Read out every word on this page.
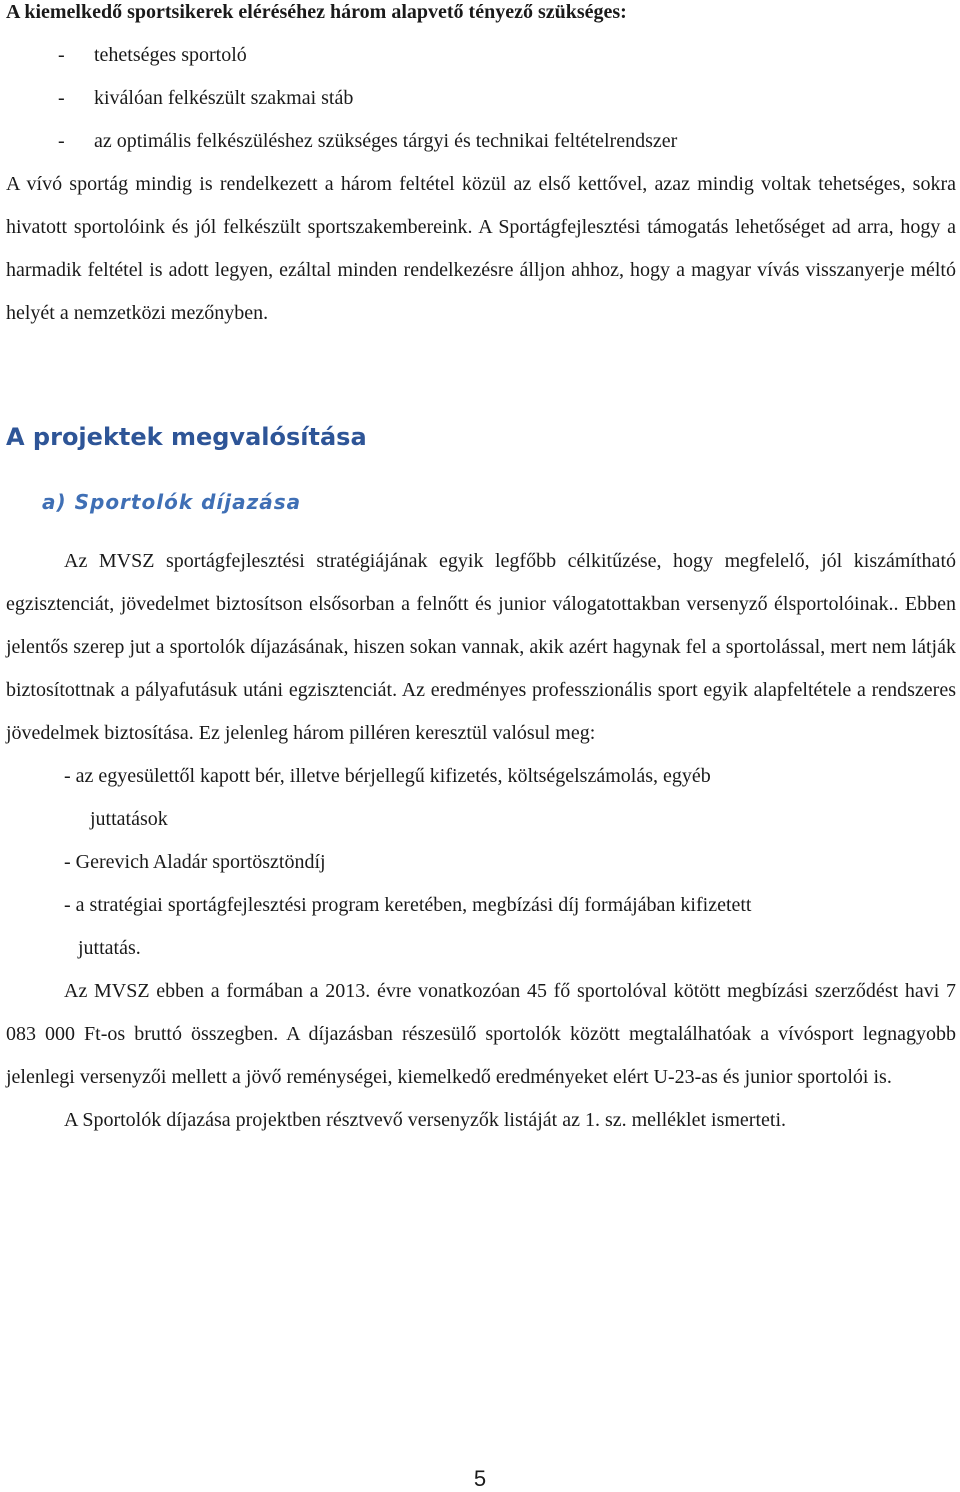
A kiemelkedő sportsikerek eléréséhez három alapvető tényező szükséges:

- tehetséges sportoló
- kiválóan felkészült szakmai stáb
- az optimális felkészüléshez szükséges tárgyi és technikai feltételrendszer

A vívó sportág mindig is rendelkezett a három feltétel közül az első kettővel, azaz mindig voltak tehetséges, sokra hivatott sportolóink és jól felkészült sportszakembereink. A Sportágfejlesztési támogatás lehetőséget ad arra, hogy a harmadik feltétel is adott legyen, ezáltal minden rendelkezésre álljon ahhoz, hogy a magyar vívás visszanyerje méltó helyét a nemzetközi mezőnyben.

A projektek megvalósítása
a) Sportolók díjazása

Az MVSZ sportágfejlesztési stratégiájának egyik legfőbb célkitűzése, hogy megfelelő, jól kiszámítható egzisztenciát, jövedelmet biztosítson elsősorban a felnőtt és junior válogatottakban versenyző élsportolóinak.. Ebben jelentős szerep jut a sportolók díjazásának, hiszen sokan vannak, akik azért hagynak fel a sportolással, mert nem látják biztosítottnak a pályafutásuk utáni egzisztenciát. Az eredményes professzionális sport egyik alapfeltétele a rendszeres jövedelmek biztosítása. Ez jelenleg három pilléren keresztül valósul meg:

- az egyesülettől kapott bér, illetve bérjellegű kifizetés, költségelszámolás, egyéb
juttatások
- Gerevich Aladár sportösztöndíj
- a stratégiai sportágfejlesztési program keretében, megbízási díj formájában kifizetett
juttatás.

Az MVSZ ebben a formában a 2013. évre vonatkozóan 45 fő sportolóval kötött megbízási szerződést havi 7 083 000 Ft-os bruttó összegben. A díjazásban részesülő sportolók között megtalálhatóak a vívósport legnagyobb jelenlegi versenyzői mellett a jövő reménységei, kiemelkedő eredményeket elért U-23-as és junior sportolói is.

A Sportolók díjazása projektben résztvevő versenyzők listáját az 1. sz. melléklet ismerteti.

5
